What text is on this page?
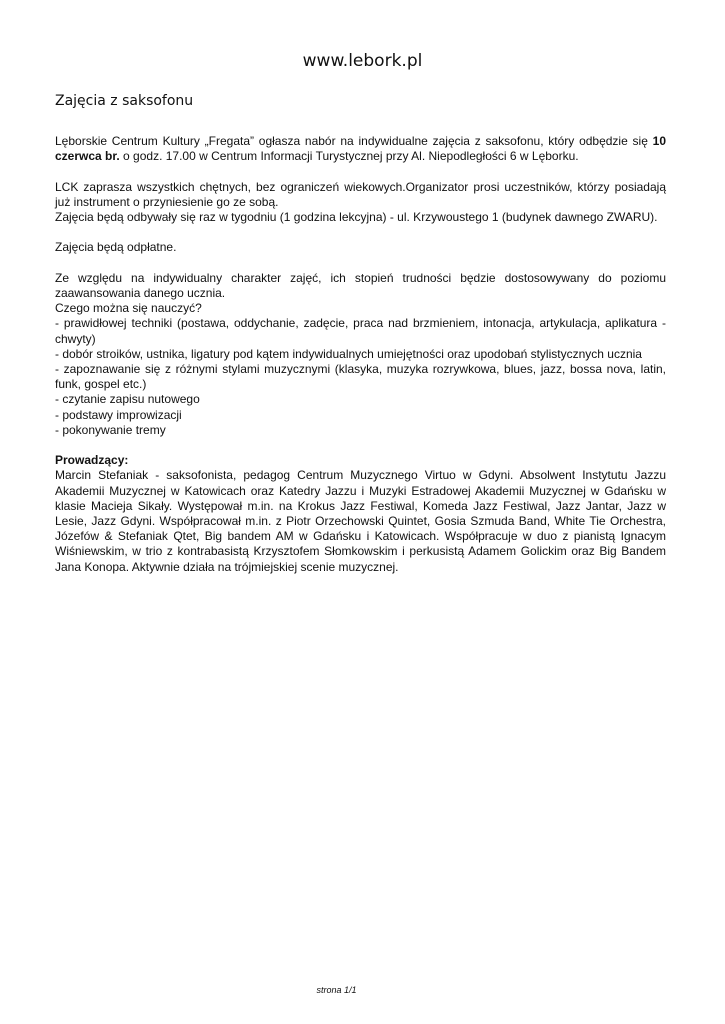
www.lebork.pl
Zajęcia z saksofonu

Lęborskie Centrum Kultury „Fregata” ogłasza nabór na indywidualne zajęcia z saksofonu, który odbędzie się 10 czerwca br. o godz. 17.00 w Centrum Informacji Turystycznej przy Al. Niepodległości 6 w Lęborku.

LCK zaprasza wszystkich chętnych, bez ograniczeń wiekowych.Organizator prosi uczestników, którzy posiadają już instrument o przyniesienie go ze sobą.

Zajęcia będą odbywały się raz w tygodniu (1 godzina lekcyjna) - ul. Krzywoustego 1 (budynek dawnego ZWARU).

Zajęcia będą odpłatne.

Ze względu na indywidualny charakter zajęć, ich stopień trudności będzie dostosowywany do poziomu zaawansowania danego ucznia.

Czego można się nauczyć?

- prawidłowej techniki (postawa, oddychanie, zadęcie, praca nad brzmieniem, intonacja, artykulacja, aplikatura - chwyty)

- dobór stroików, ustnika, ligatury pod kątem indywidualnych umiejętności oraz upodobań stylistycznych ucznia

- zapoznawanie się z różnymi stylami muzycznymi (klasyka, muzyka rozrywkowa, blues, jazz, bossa nova, latin, funk, gospel etc.)

- czytanie zapisu nutowego

- podstawy improwizacji

- pokonywanie tremy

Prowadzący:

Marcin Stefaniak - saksofonista, pedagog Centrum Muzycznego Virtuo w Gdyni. Absolwent Instytutu Jazzu Akademii Muzycznej w Katowicach oraz Katedry Jazzu i Muzyki Estradowej Akademii Muzycznej w Gdańsku w klasie Macieja Sikały. Występował m.in. na Krokus Jazz Festiwal, Komeda Jazz Festiwal, Jazz Jantar, Jazz w Lesie, Jazz Gdyni. Współpracował m.in. z Piotr Orzechowski Quintet, Gosia Szmuda Band, White Tie Orchestra, Józefów & Stefaniak Qtet, Big bandem AM w Gdańsku i Katowicach. Współpracuje w duo z pianistą Ignacym Wiśniewskim, w trio z kontrabasistą Krzysztofem Słomkowskim i perkusistą Adamem Golickim oraz Big Bandem Jana Konopa. Aktywnie działa na trójmiejskiej scenie muzycznej.

strona 1/1
